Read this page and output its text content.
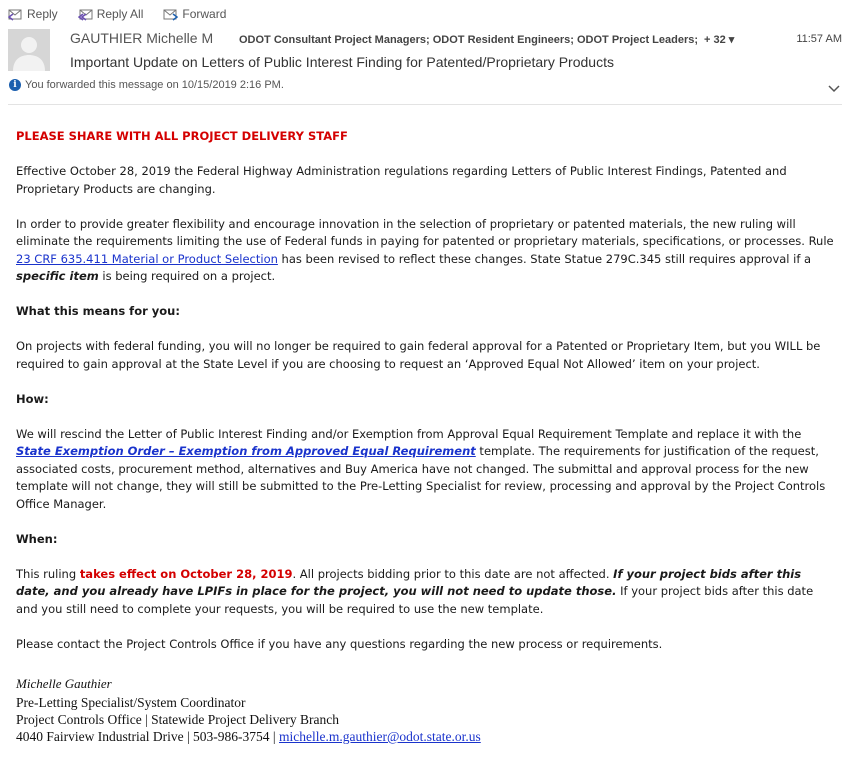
Reply	Reply All	Forward
GAUTHIER Michelle M ODOT Consultant Project Managers; ODOT Resident Engineers; ODOT Project Leaders; + 32 ▾	11:57 AM
Important Update on Letters of Public Interest Finding for Patented/Proprietary Products
i You forwarded this message on 10/15/2019 2:16 PM.

PLEASE SHARE WITH ALL PROJECT DELIVERY STAFF

Effective October 28, 2019 the Federal Highway Administration regulations regarding Letters of Public Interest Findings, Patented and Proprietary Products are changing.

In order to provide greater flexibility and encourage innovation in the selection of proprietary or patented materials, the new ruling will eliminate the requirements limiting the use of Federal funds in paying for patented or proprietary materials, specifications, or processes. Rule 23 CRF 635.411 Material or Product Selection has been revised to reflect these changes. State Statue 279C.345 still requires approval if a specific item is being required on a project.

What this means for you:

On projects with federal funding, you will no longer be required to gain federal approval for a Patented or Proprietary Item, but you WILL be required to gain approval at the State Level if you are choosing to request an ‘Approved Equal Not Allowed’ item on your project.

How:

We will rescind the Letter of Public Interest Finding and/or Exemption from Approval Equal Requirement Template and replace it with the State Exemption Order – Exemption from Approved Equal Requirement template. The requirements for justification of the request, associated costs, procurement method, alternatives and Buy America have not changed. The submittal and approval process for the new template will not change, they will still be submitted to the Pre-Letting Specialist for review, processing and approval by the Project Controls Office Manager.

When:

This ruling takes effect on October 28, 2019. All projects bidding prior to this date are not affected. If your project bids after this date, and you already have LPIFs in place for the project, you will not need to update those. If your project bids after this date and you still need to complete your requests, you will be required to use the new template.

Please contact the Project Controls Office if you have any questions regarding the new process or requirements.

Michelle Gauthier
Pre-Letting Specialist/System Coordinator
Project Controls Office | Statewide Project Delivery Branch
4040 Fairview Industrial Drive | 503-986-3754 | michelle.m.gauthier@odot.state.or.us
